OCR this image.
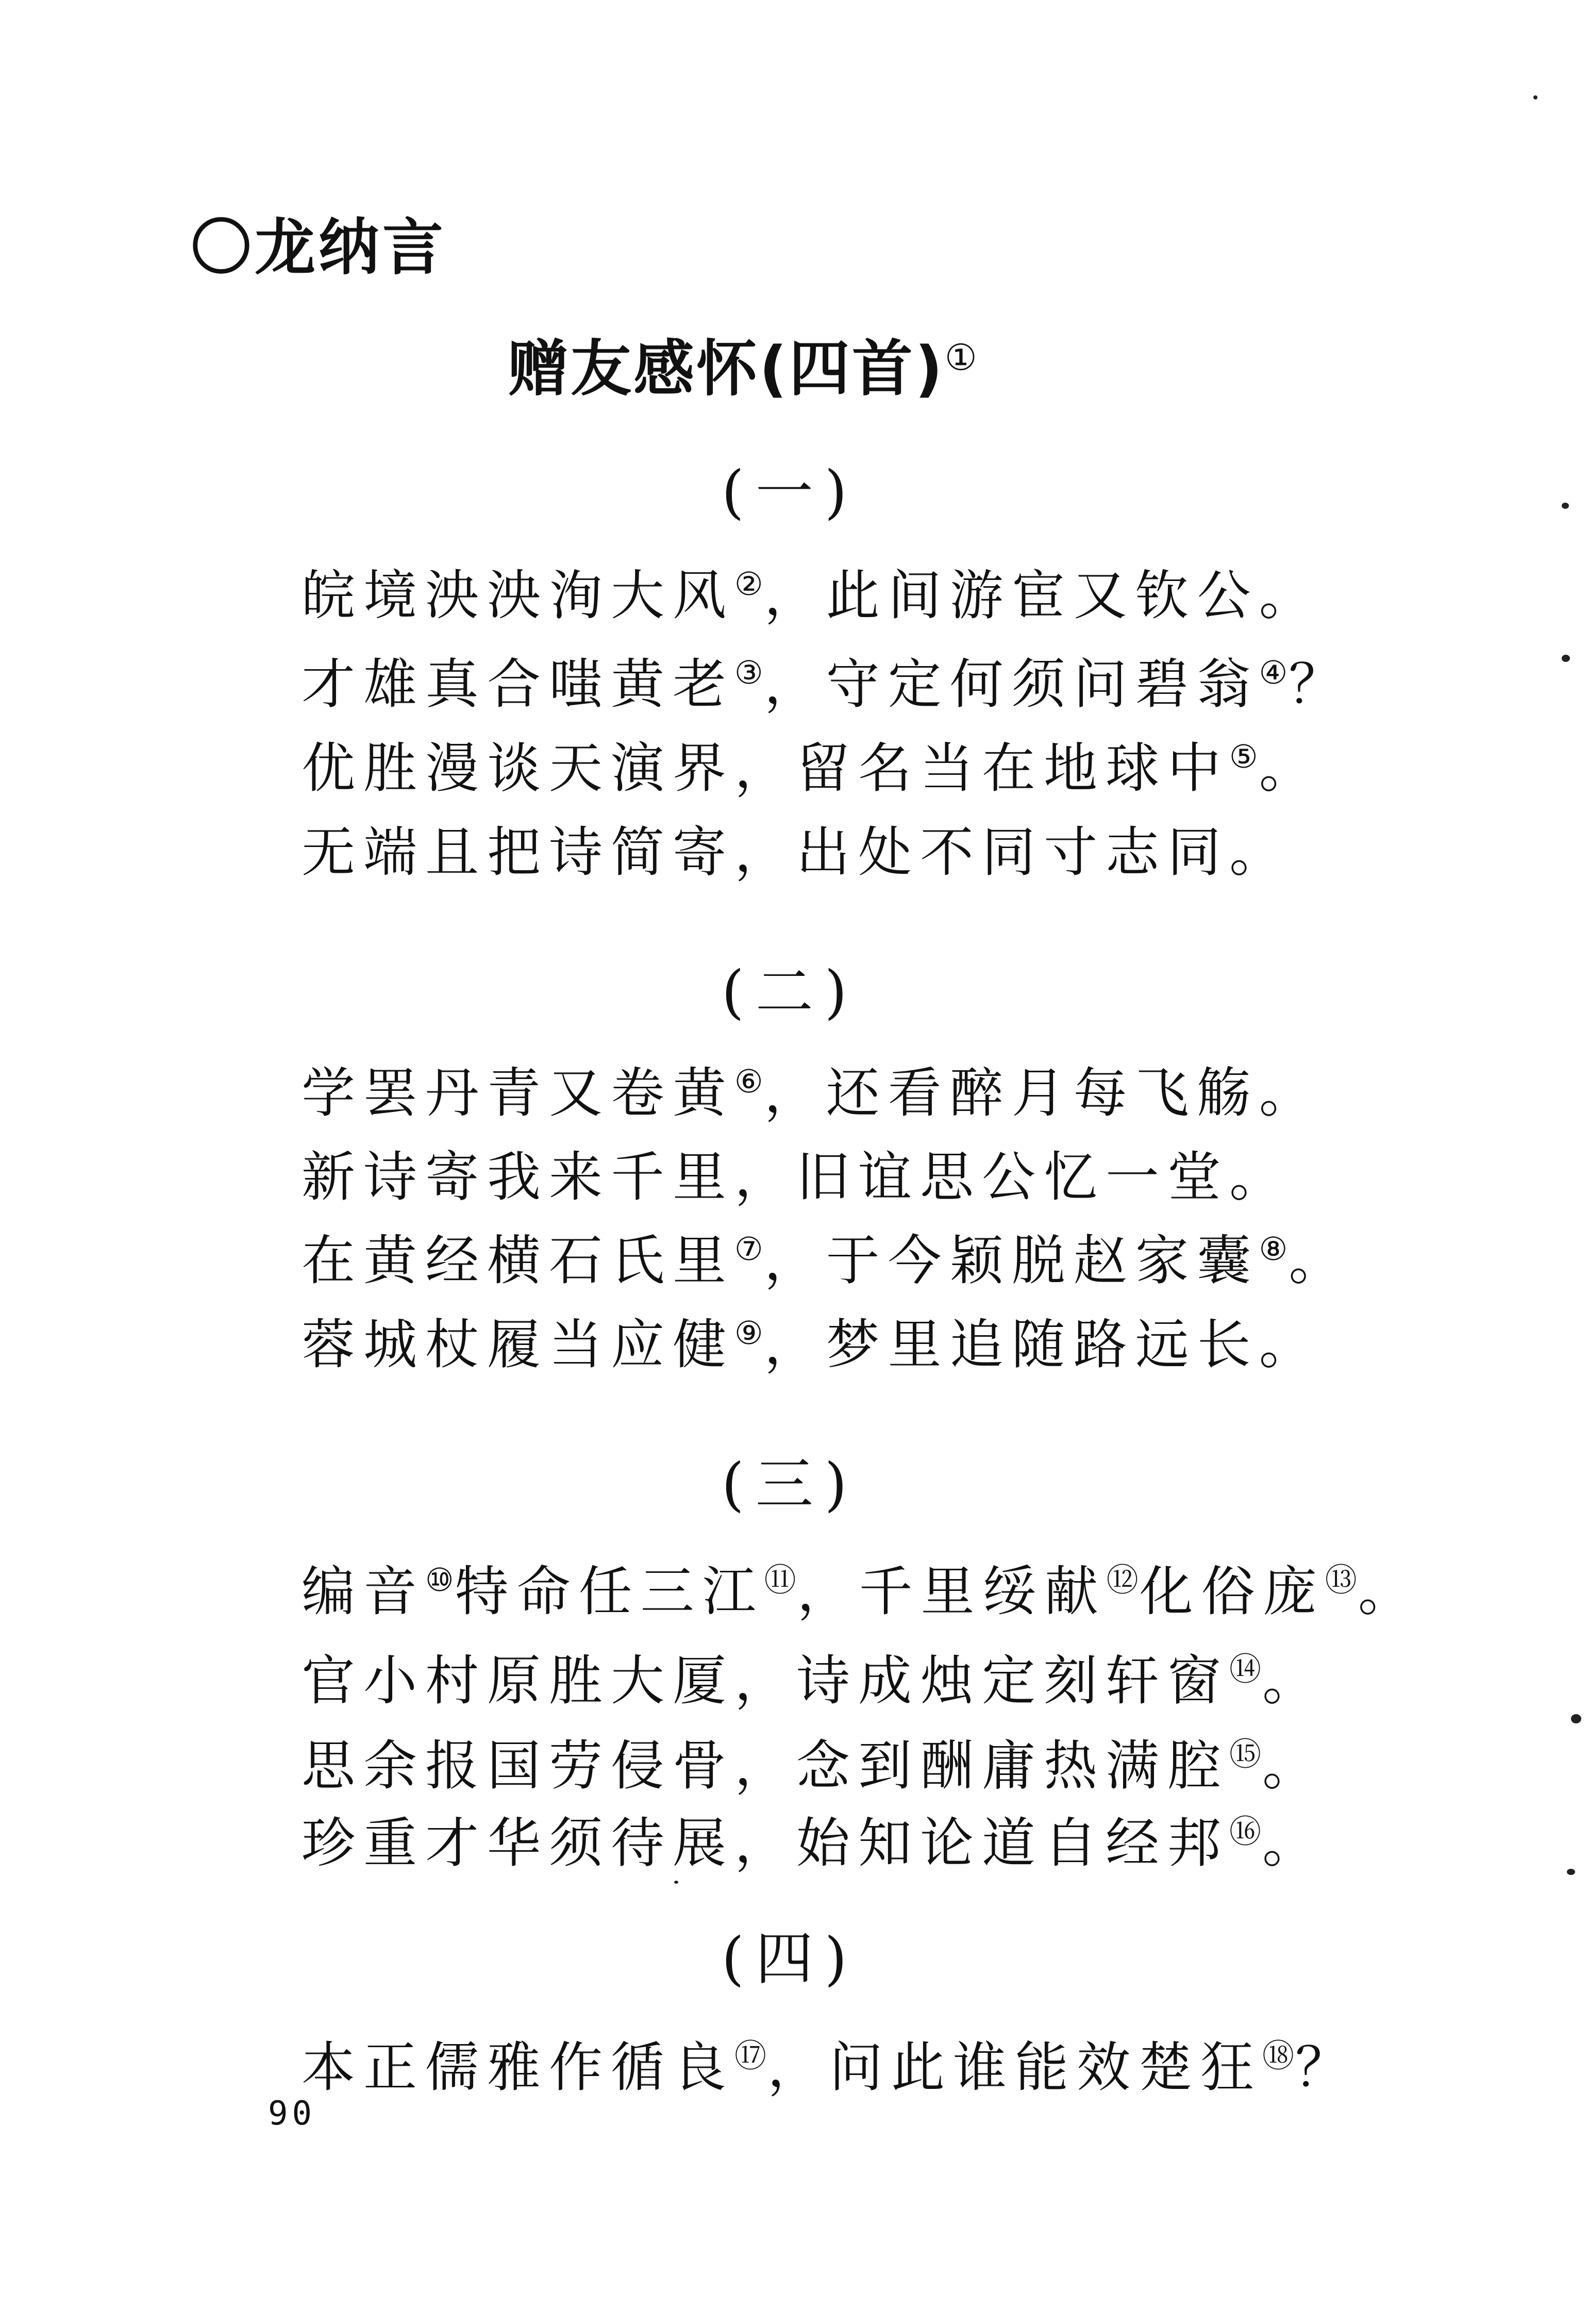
〇龙纳言
赠友感怀(四首)①
(一)
皖境泱泱洵大风②，此间游宦又钦公。
才雄真合嗤黄老③，守定何须问碧翁④？
优胜漫谈天演界，留名当在地球中⑤。
无端且把诗简寄，出处不同寸志同。
(二)
学罢丹青又卷黄⑥，还看醉月每飞觞。
新诗寄我来千里，旧谊思公忆一堂。
在黄经横石氏里⑦，于今颖脱赵家囊⑧。
蓉城杖履当应健⑨，梦里追随路远长。
(三)
编音⑩特命任三江⑪，千里绥献⑫化俗庞⑬。
官小村原胜大厦，诗成烛定刻轩窗⑭。
思余报国劳侵骨，念到酬庸热满腔⑮。
珍重才华须待展，始知论道自经邦⑯。
(四)
本正儒雅作循良⑰，问此谁能效楚狂⑱？
90
